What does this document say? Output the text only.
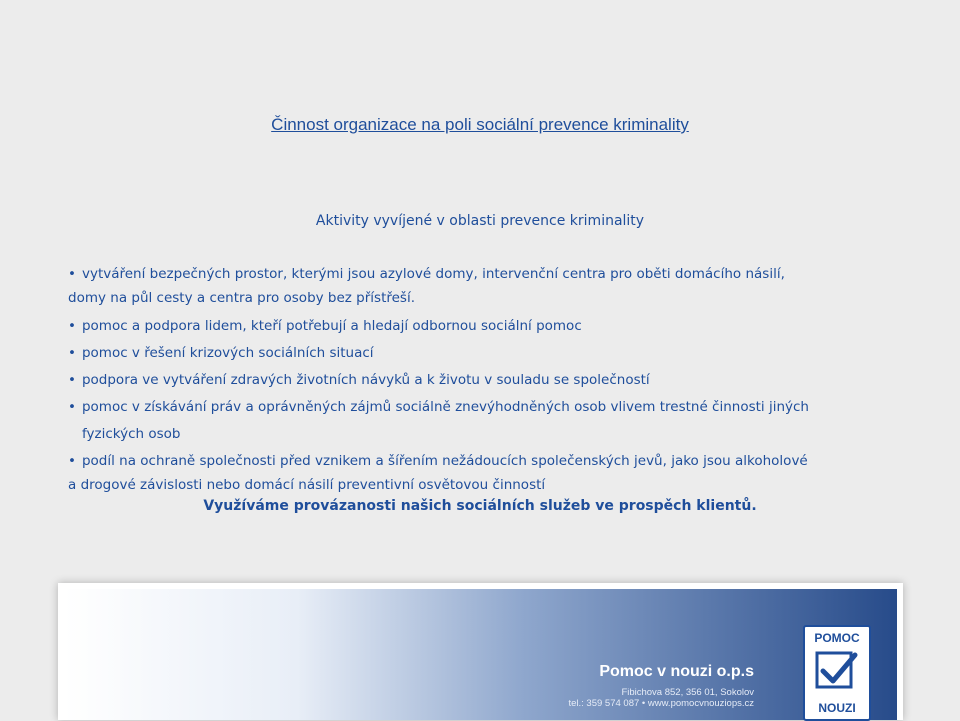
Činnost organizace na poli sociální prevence kriminality
Aktivity vyvíjené v oblasti prevence kriminality
• vytváření bezpečných prostor, kterými jsou azylové domy, intervenční centra pro oběti domácího násilí,
domy na půl cesty a centra pro osoby bez přístřeší.
• pomoc a podpora lidem, kteří potřebují a hledají odbornou sociální pomoc
• pomoc v řešení krizových sociálních situací
• podpora ve vytváření zdravých životních návyků a k životu v souladu se společností
• pomoc v získávání práv a oprávněných zájmů sociálně znevýhodněných osob vlivem trestné činnosti jiných
fyzických osob
• podíl na ochraně společnosti před vznikem a šířením nežádoucích společenských jevů, jako jsou alkoholové
a drogové závislosti nebo domácí násilí preventivní osvětovou činností
Využíváme provázanosti našich sociálních služeb ve prospěch klientů.
Pomoc v nouzi o.p.s
Fibichova 852, 356 01, Sokolov
tel.: 359 574 087 • www.pomocvnouziops.cz
POMOC
NOUZI
